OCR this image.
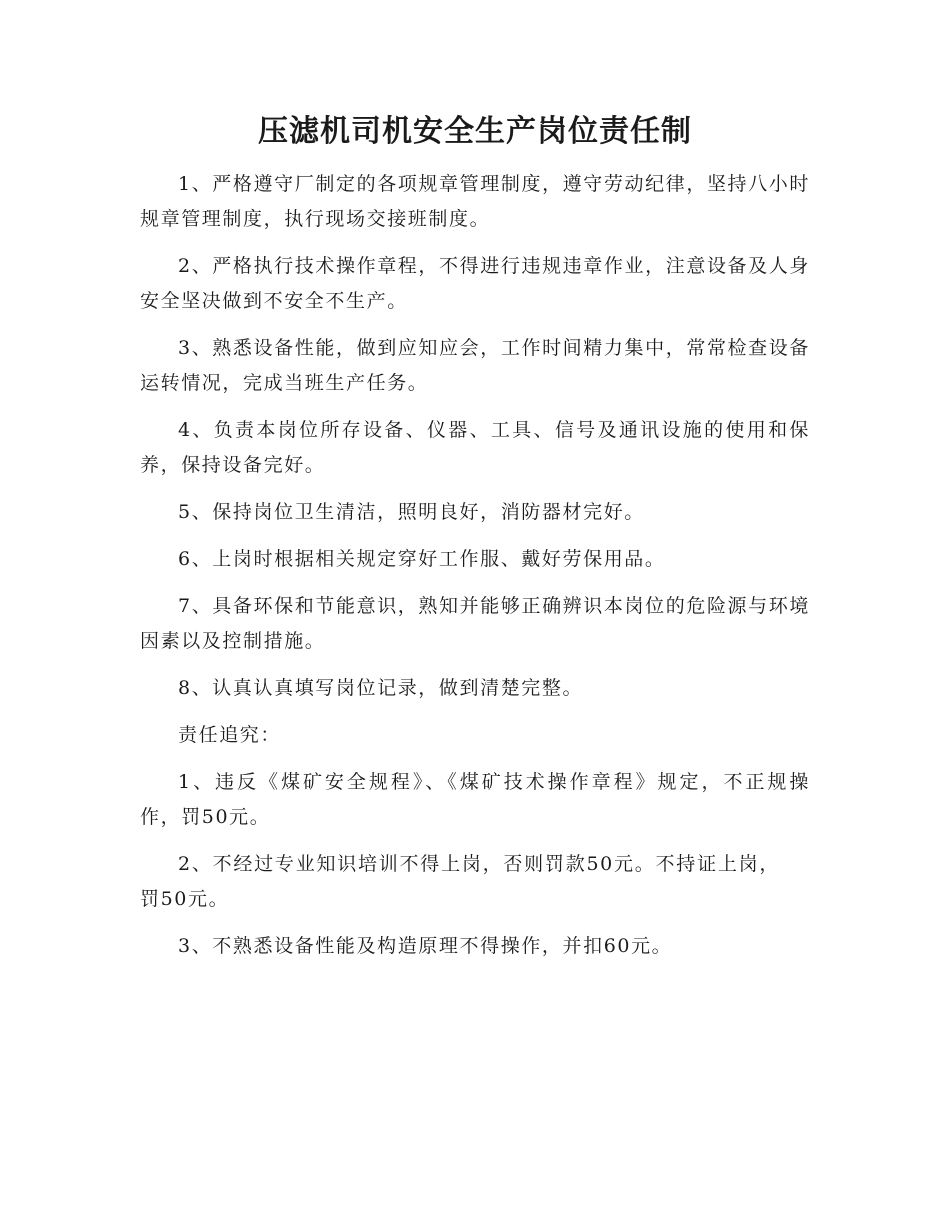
压滤机司机安全生产岗位责任制

1、严格遵守厂制定的各项规章管理制度，遵守劳动纪律，坚持八小时规章管理制度，执行现场交接班制度。

2、严格执行技术操作章程，不得进行违规违章作业，注意设备及人身安全坚决做到不安全不生产。

3、熟悉设备性能，做到应知应会，工作时间精力集中，常常检查设备运转情况，完成当班生产任务。

4、负责本岗位所存设备、仪器、工具、信号及通讯设施的使用和保养，保持设备完好。

5、保持岗位卫生清洁，照明良好，消防器材完好。

6、上岗时根据相关规定穿好工作服、戴好劳保用品。

7、具备环保和节能意识，熟知并能够正确辨识本岗位的危险源与环境因素以及控制措施。

8、认真认真填写岗位记录，做到清楚完整。

责任追究：

1、违反《煤矿安全规程》、《煤矿技术操作章程》规定，不正规操作，罚50元。

2、不经过专业知识培训不得上岗，否则罚款50元。不持证上岗，罚50元。

3、不熟悉设备性能及构造原理不得操作，并扣60元。
